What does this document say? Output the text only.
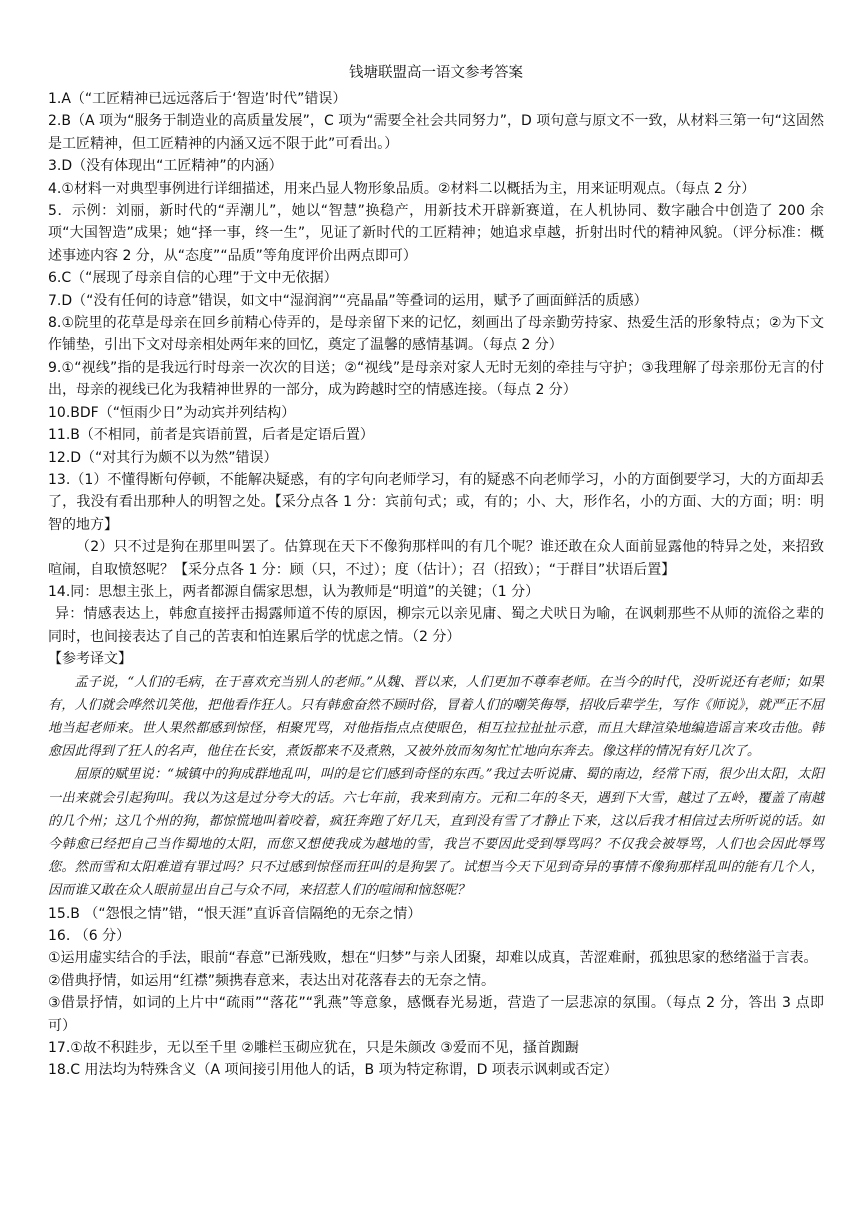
钱塘联盟高一语文参考答案

1.A（“工匠精神已远远落后于‘智造’时代”错误）

2.B（A 项为“服务于制造业的高质量发展”，C 项为“需要全社会共同努力”，D 项句意与原文不一致，从材料三第一句“这固然是工匠精神，但工匠精神的内涵又远不限于此”可看出。）

3.D（没有体现出“工匠精神”的内涵）

4.①材料一对典型事例进行详细描述，用来凸显人物形象品质。②材料二以概括为主，用来证明观点。（每点 2 分）

5．示例：刘丽，新时代的“弄潮儿”，她以“智慧”换稳产，用新技术开辟新赛道，在人机协同、数字融合中创造了 200 余项“大国智造”成果；她“择一事，终一生”，见证了新时代的工匠精神；她追求卓越，折射出时代的精神风貌。（评分标准：概述事迹内容 2 分，从“态度”“品质”等角度评价出两点即可）

6.C（“展现了母亲自信的心理”于文中无依据）

7.D（“没有任何的诗意”错误，如文中“湿润润”“亮晶晶”等叠词的运用，赋予了画面鲜活的质感）

8.①院里的花草是母亲在回乡前精心侍弄的，是母亲留下来的记忆，刻画出了母亲勤劳持家、热爱生活的形象特点；②为下文作铺垫，引出下文对母亲相处两年来的回忆，奠定了温馨的感情基调。（每点 2 分）

9.①“视线”指的是我远行时母亲一次次的目送；②“视线”是母亲对家人无时无刻的牵挂与守护；③我理解了母亲那份无言的付出，母亲的视线已化为我精神世界的一部分，成为跨越时空的情感连接。（每点 2 分）

10.BDF（“恒雨少日”为动宾并列结构）

11.B（不相同，前者是宾语前置，后者是定语后置）

12.D（“对其行为颇不以为然”错误）

13.（1）不懂得断句停顿，不能解决疑惑，有的字句向老师学习，有的疑惑不向老师学习，小的方面倒要学习，大的方面却丢了，我没有看出那种人的明智之处。【采分点各 1 分：宾前句式；或，有的；小、大，形作名，小的方面、大的方面；明：明智的地方】

（2）只不过是狗在那里叫罢了。估算现在天下不像狗那样叫的有几个呢？谁还敢在众人面前显露他的特异之处，来招致喧闹，自取愤怒呢？【采分点各 1 分：顾（只，不过）；度（估计）；召（招致）；“于群目”状语后置】

14.同：思想主张上，两者都源自儒家思想，认为教师是“明道”的关键；（1 分）

异：情感表达上，韩愈直接抨击揭露师道不传的原因，柳宗元以亲见庸、蜀之犬吠日为喻，在讽刺那些不从师的流俗之辈的同时，也间接表达了自己的苦衷和怕连累后学的忧虑之情。（2 分）

【参考译文】

孟子说，“人们的毛病，在于喜欢充当别人的老师。”从魏、晋以来，人们更加不尊奉老师。在当今的时代，没听说还有老师；如果有，人们就会哗然讥笑他，把他看作狂人。只有韩愈奋然不顾时俗，冒着人们的嘲笑侮辱，招收后辈学生，写作《师说》，就严正不屈地当起老师来。世人果然都感到惊怪，相聚咒骂，对他指指点点使眼色，相互拉拉扯扯示意，而且大肆渲染地编造谣言来攻击他。韩愈因此得到了狂人的名声，他住在长安，煮饭都来不及煮熟，又被外放而匆匆忙忙地向东奔去。像这样的情况有好几次了。

屈原的赋里说：“城镇中的狗成群地乱叫，叫的是它们感到奇怪的东西。”我过去听说庸、蜀的南边，经常下雨，很少出太阳，太阳一出来就会引起狗叫。我以为这是过分夸大的话。六七年前，我来到南方。元和二年的冬天，遇到下大雪，越过了五岭，覆盖了南越的几个州；这几个州的狗，都惊慌地叫着咬着，疯狂奔跑了好几天，直到没有雪了才静止下来，这以后我才相信过去所听说的话。如今韩愈已经把自己当作蜀地的太阳，而您又想使我成为越地的雪，我岂不要因此受到辱骂吗？不仅我会被辱骂，人们也会因此辱骂您。然而雪和太阳难道有罪过吗？只不过感到惊怪而狂叫的是狗罢了。试想当今天下见到奇异的事情不像狗那样乱叫的能有几个人，因而谁又敢在众人眼前显出自己与众不同，来招惹人们的喧闹和恼怒呢？

15.B （“怨恨之情”错，“恨天涯”直诉音信隔绝的无奈之情）

16. （6 分）

①运用虚实结合的手法，眼前“春意”已渐残败，想在“归梦”与亲人团聚，却难以成真，苦涩难耐，孤独思家的愁绪溢于言表。

②借典抒情，如运用“红襟”频携春意来，表达出对花落春去的无奈之情。

③借景抒情，如词的上片中“疏雨”“落花”“乳燕”等意象，感慨春光易逝，营造了一层悲凉的氛围。（每点 2 分，答出 3 点即可）

17.①故不积跬步，无以至千里 ②雕栏玉砌应犹在，只是朱颜改 ③爱而不见，搔首踟蹰

18.C 用法均为特殊含义（A 项间接引用他人的话，B 项为特定称谓，D 项表示讽刺或否定）
